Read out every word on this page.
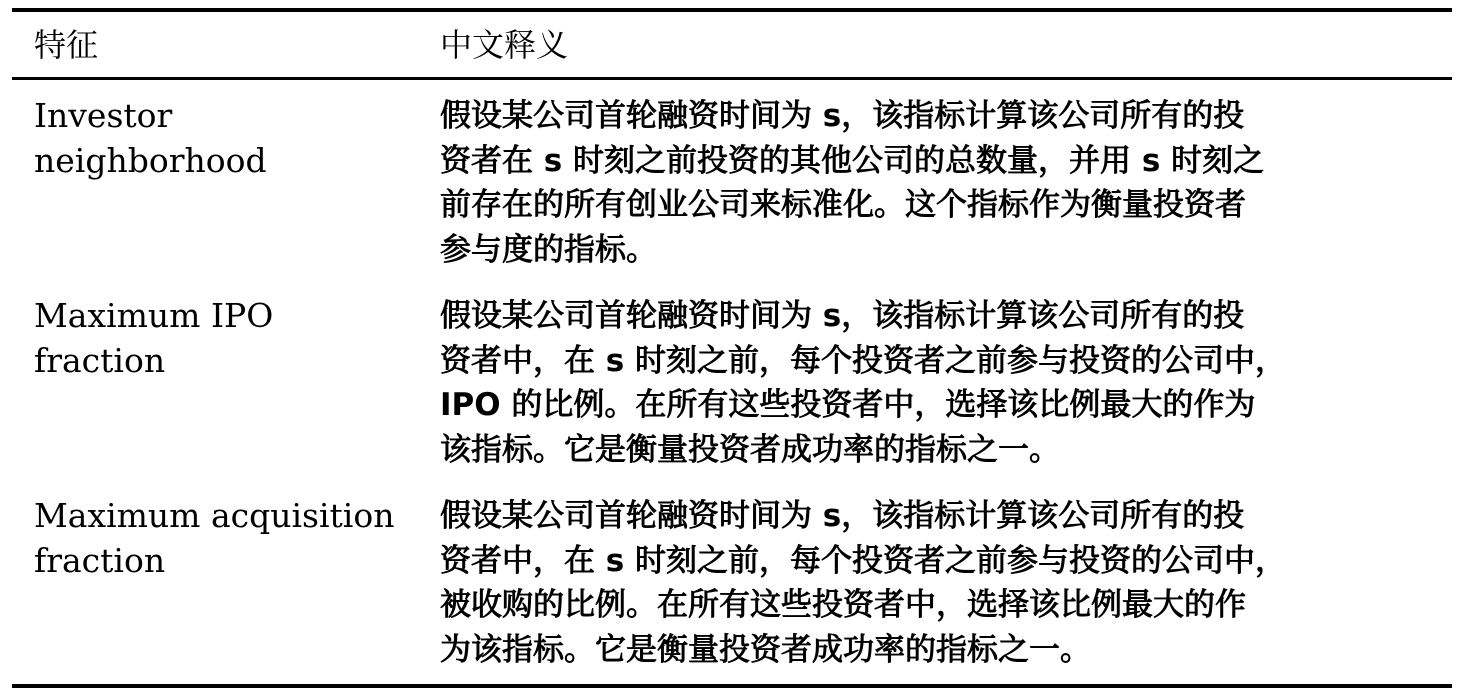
特征	中文释义
Investor
neighborhood
假设某公司首轮融资时间为 s，该指标计算该公司所有的投
资者在 s 时刻之前投资的其他公司的总数量，并用 s 时刻之
前存在的所有创业公司来标准化。这个指标作为衡量投资者
参与度的指标。
Maximum IPO
fraction
假设某公司首轮融资时间为 s，该指标计算该公司所有的投
资者中，在 s 时刻之前，每个投资者之前参与投资的公司中，
IPO 的比例。在所有这些投资者中，选择该比例最大的作为
该指标。它是衡量投资者成功率的指标之一。
Maximum acquisition
fraction
假设某公司首轮融资时间为 s，该指标计算该公司所有的投
资者中，在 s 时刻之前，每个投资者之前参与投资的公司中，
被收购的比例。在所有这些投资者中，选择该比例最大的作
为该指标。它是衡量投资者成功率的指标之一。
